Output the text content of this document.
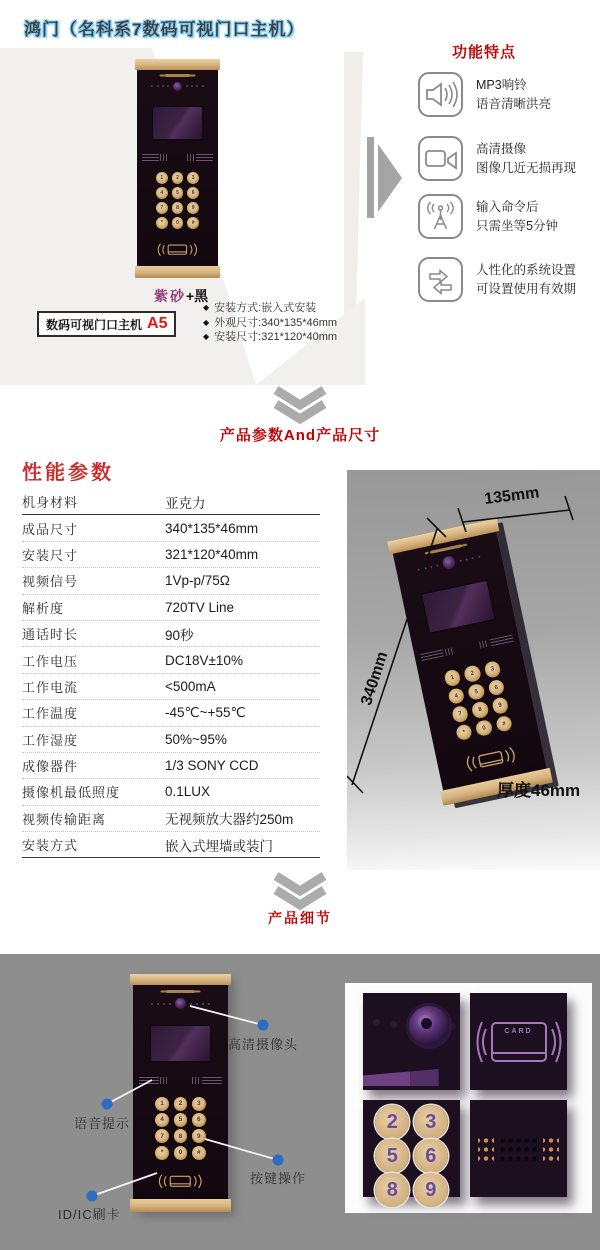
鸿门（名科系7数码可视门口主机）
1	2	3
4	5	6
7	8	9
*	0	#
紫砂+黑
数码可视门口主机 A5
◆ 安装方式:嵌入式安装
◆ 外观尺寸:340*135*46mm
◆ 安装尺寸:321*120*40mm
功能特点
MP3响铃
语音清晰洪亮
高清摄像
图像几近无损再现
输入命令后
只需坐等5分钟
人性化的系统设置
可设置使用有效期
产品参数And产品尺寸
性能参数
机身材料	亚克力
成品尺寸	340*135*46mm
安装尺寸	321*120*40mm
视频信号	1Vp-p/75Ω
解析度	720TV Line
通话时长	90秒
工作电压	DC18V±10%
工作电流	<500mA
工作温度	-45℃~+55℃
工作湿度	50%~95%
成像器件	1/3 SONY CCD
摄像机最低照度	0.1LUX
视频传输距离	无视频放大器约250m
安装方式	嵌入式埋墙或装门
1
2
3
4
5
6
7
8
9
*
0
#
135mm
340mm
厚度46mm
产品细节
1	2	3
4	5	6
7	8	9
*	0	#
高清摄像头
语音提示
按键操作
ID/IC刷卡
CARD
2	3
5	6
8	9
